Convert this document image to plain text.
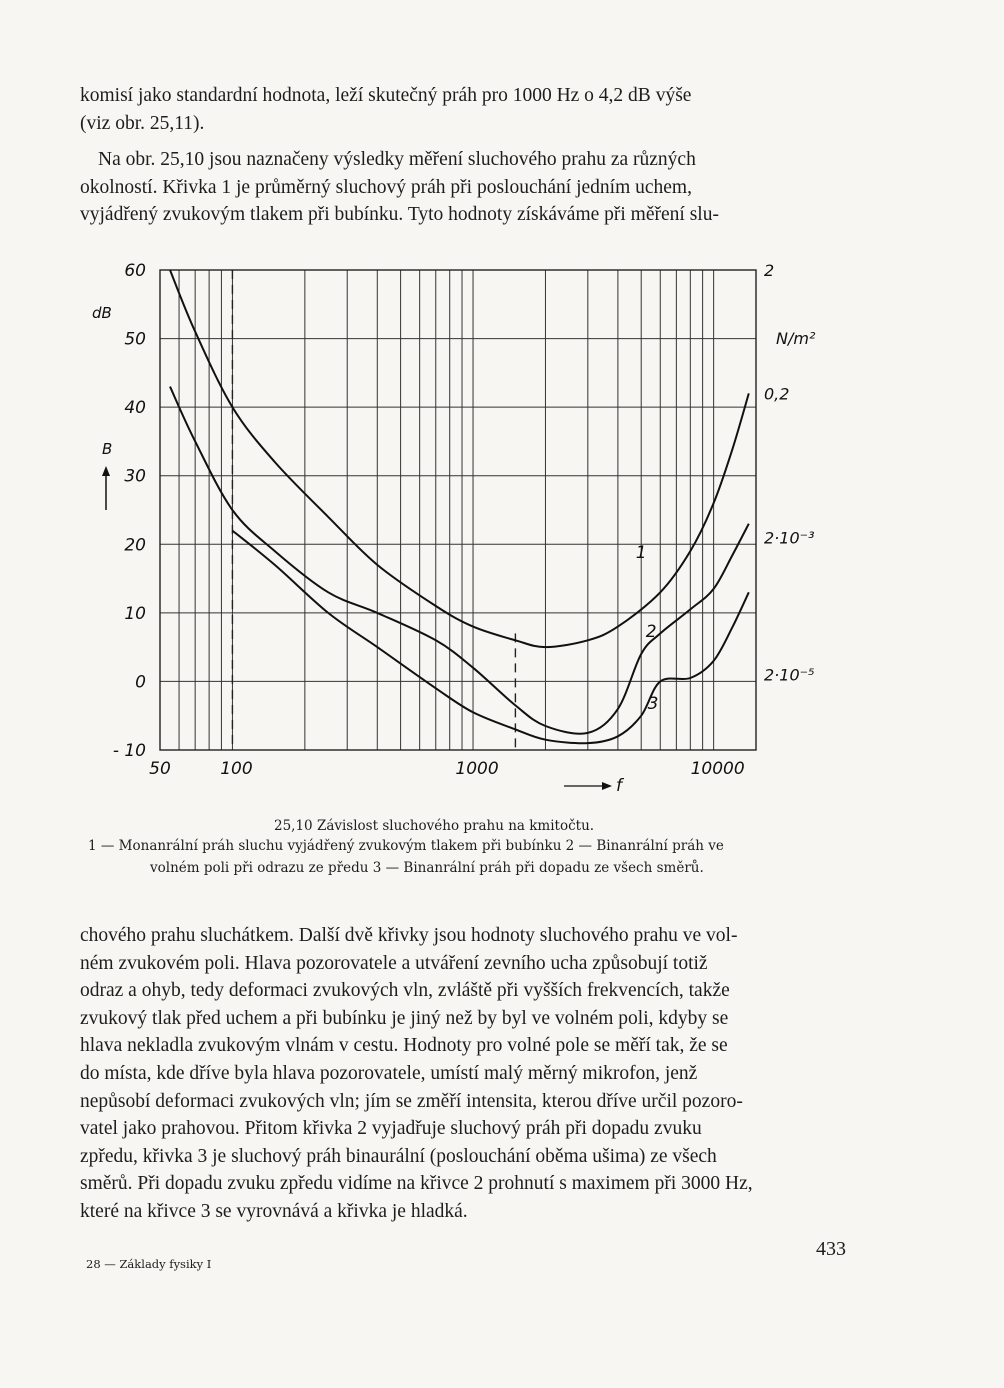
komisí jako standardní hodnota, leží skutečný práh pro 1000 Hz o 4,2 dB výše
(viz obr. 25,11).

Na obr. 25,10 jsou naznačeny výsledky měření sluchového prahu za různých
okolností. Křivka 1 je průměrný sluchový práh při poslouchání jedním uchem,
vyjádřený zvukovým tlakem při bubínku. Tyto hodnoty získáváme při měření slu-

1
2
3
60
50
40
30
20
10
0
- 10
50	100	1000	10000
dB
B
f
2
0,2
2·10⁻³
2·10⁻⁵
N/m²

25,10 Závislost sluchového prahu na kmitočtu.

1 — Monanrální práh sluchu vyjádřený zvukovým tlakem při bubínku 2 — Binanrální práh ve

volném poli při odrazu ze předu 3 — Binanrální práh při dopadu ze všech směrů.

chového prahu sluchátkem. Další dvě křivky jsou hodnoty sluchového prahu ve vol-
ném zvukovém poli. Hlava pozorovatele a utváření zevního ucha způsobují totiž
odraz a ohyb, tedy deformaci zvukových vln, zvláště při vyšších frekvencích, takže
zvukový tlak před uchem a při bubínku je jiný než by byl ve volném poli, kdyby se
hlava nekladla zvukovým vlnám v cestu. Hodnoty pro volné pole se měří tak, že se
do místa, kde dříve byla hlava pozorovatele, umístí malý měrný mikrofon, jenž
nepůsobí deformaci zvukových vln; jím se změří intensita, kterou dříve určil pozoro-
vatel jako prahovou. Přitom křivka 2 vyjadřuje sluchový práh při dopadu zvuku
zpředu, křivka 3 je sluchový práh binaurální (poslouchání oběma ušima) ze všech
směrů. Při dopadu zvuku zpředu vidíme na křivce 2 prohnutí s maximem při 3000 Hz,
které na křivce 3 se vyrovnává a křivka je hladká.

28 — Základy fysiky I
433
